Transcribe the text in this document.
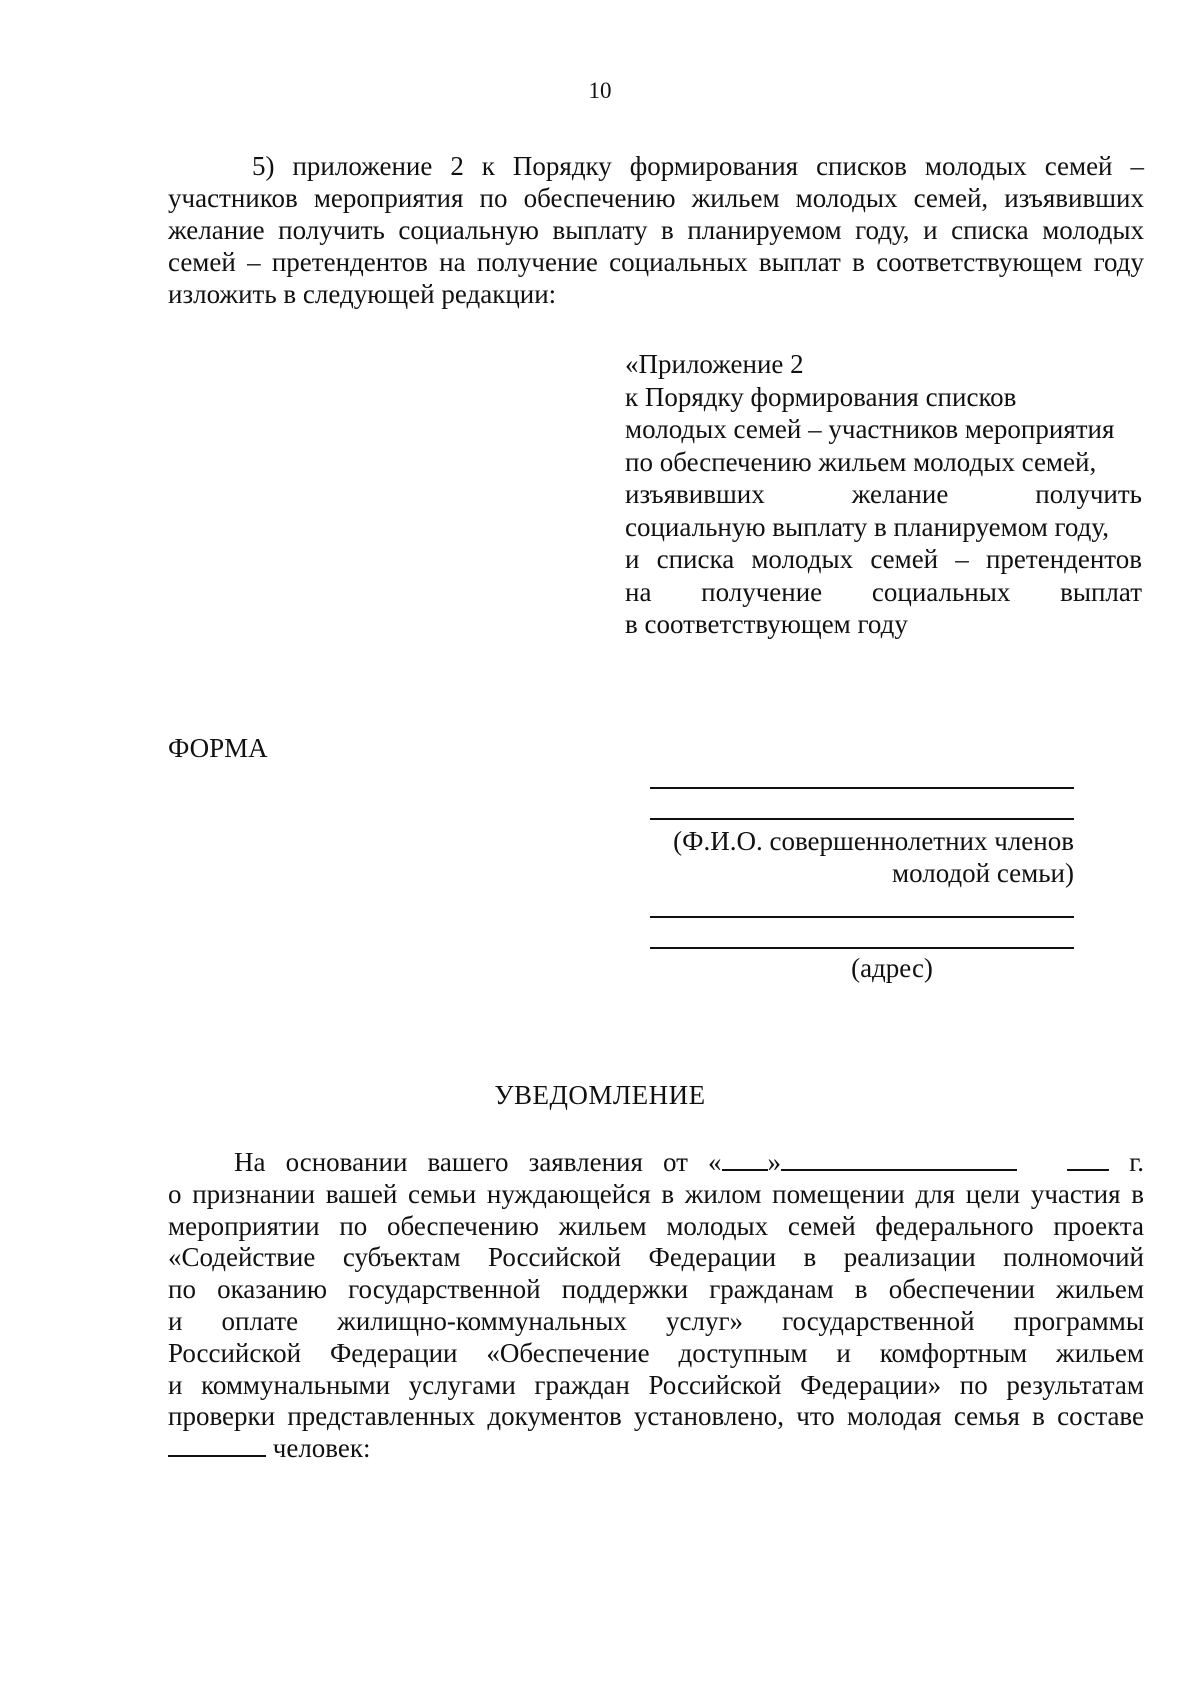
10
5) приложение 2 к Порядку формирования списков молодых семей –
участников мероприятия по обеспечению жильем молодых семей, изъявивших
желание получить социальную выплату в планируемом году, и списка молодых
семей – претендентов на получение социальных выплат в соответствующем году
изложить в следующей редакции:
«Приложение 2
к Порядку формирования списков
молодых семей – участников мероприятия
по обеспечению жильем молодых семей,
изъявивших желание получить
социальную выплату в планируемом году,
и списка молодых семей – претендентов
на получение социальных выплат
в соответствующем году
ФОРМА
(Ф.И.О. совершеннолетних членов
молодой семьи)
(адрес)
УВЕДОМЛЕНИЕ
На основании вашего заявления от « »	г.
о признании вашей семьи нуждающейся в жилом помещении для цели участия в
мероприятии по обеспечению жильем молодых семей федерального проекта
«Содействие субъектам Российской Федерации в реализации полномочий
по оказанию государственной поддержки гражданам в обеспечении жильем
и оплате жилищно-коммунальных услуг» государственной программы
Российской Федерации «Обеспечение доступным и комфортным жильем
и коммунальными услугами граждан Российской Федерации» по результатам
проверки представленных документов установлено, что молодая семья в составе
человек:
